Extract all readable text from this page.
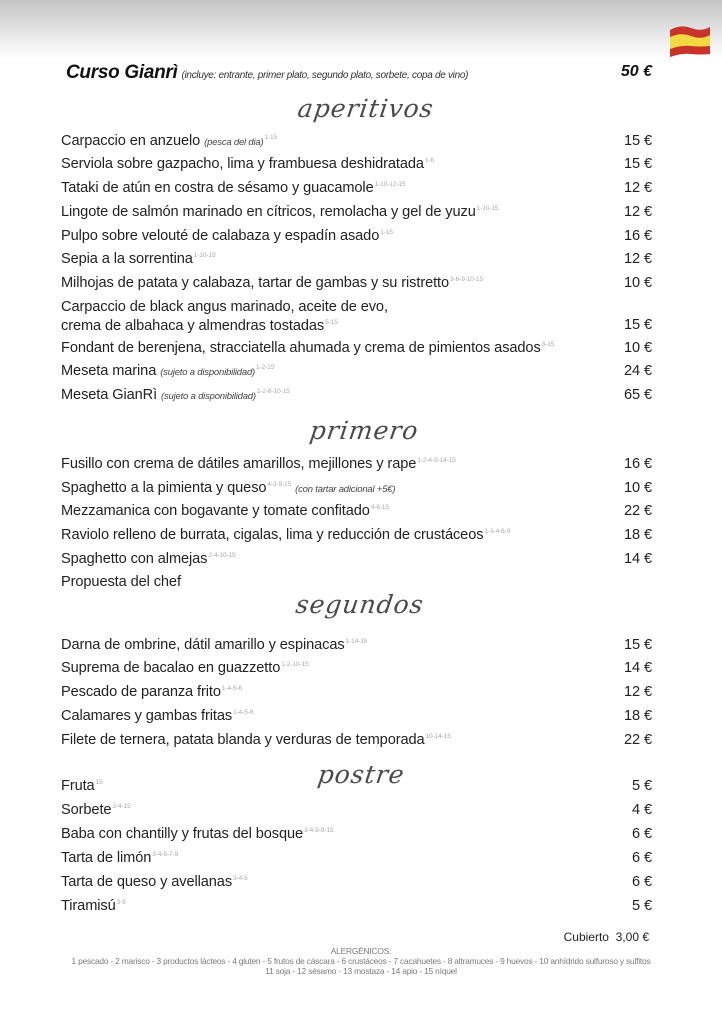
Curso Gianrì (incluye: entrante, primer plato, segundo plato, sorbete, copa de vino)	50 €
aperitivos
Carpaccio en anzuelo (pesca del dia)$^{1-15}$	15 €
Serviola sobre gazpacho, lima y frambuesa deshidratada$^{1-6}$	15 €
Tataki de atún en costra de sésamo y guacamole$^{1-10-12-15}$	12 €
Lingote de salmón marinado en cítricos, remolacha y gel de yuzu$^{1-10-15}$	12 €
Pulpo sobre velouté de calabaza y espadín asado$^{1-15}$	16 €
Sepia a la sorrentina$^{1-10-15}$	12 €
Milhojas de patata y calabaza, tartar de gambas y su ristretto$^{3-6-9-10-15}$	10 €
Carpaccio de black angus marinado, aceite de evo,
crema de albahaca y almendras tostadas$^{5-15}$	15 €
Fondant de berenjena, stracciatella ahumada y crema de pimientos asados$^{3-15}$	10 €
Meseta marina (sujeto a disponibilidad)$^{1-2-15}$	24 €
Meseta GianRì (sujeto a disponibilidad)$^{1-2-6-10-15}$	65 €
primero
Fusillo con crema de dátiles amarillos, mejillones y rape$^{1-2-4-9-14-15}$	16 €
Spaghetto a la pimienta y queso$^{4-3-9-15}$ (con tartar adicional +5€)	10 €
Mezzamanica con bogavante y tomate confitado$^{4-6-15}$	22 €
Raviolo relleno de burrata, cigalas, lima y reducción de crustáceos$^{1-3-4-6-9}$	18 €
Spaghetto con almejas$^{2-4-10-15}$	14 €
Propuesta del chef
segundos
Darna de ombrine, dátil amarillo y espinacas$^{1-14-15}$	15 €
Suprema de bacalao en guazzetto$^{1-2-10-15}$	14 €
Pescado de paranza frito$^{1-4-5-6}$	12 €
Calamares y gambas fritas$^{1-4-5-6}$	18 €
Filete de ternera, patata blanda y verduras de temporada$^{10-14-15}$	22 €
postre
Fruta$^{15}$	5 €
Sorbete$^{3-4-15}$	4 €
Baba con chantilly y frutas del bosque$^{3-4-5-9-15}$	6 €
Tarta de limón$^{3-4-5-7-9}$	6 €
Tarta de queso y avellanas$^{3-4-5}$	6 €
Tiramisú$^{3-9}$	5 €
Cubierto  3,00 €
ALERGÉNICOS:
1 pescado - 2 marisco - 3 productos lácteos - 4 gluten - 5 frutos de cáscara - 6 crustáceos - 7 cacahuetes - 8 altramuces - 9 huevos - 10 anhídrido sulfuroso y sulfitos
11 soja - 12 sésamo - 13 mostaza - 14 apio - 15 níquel
